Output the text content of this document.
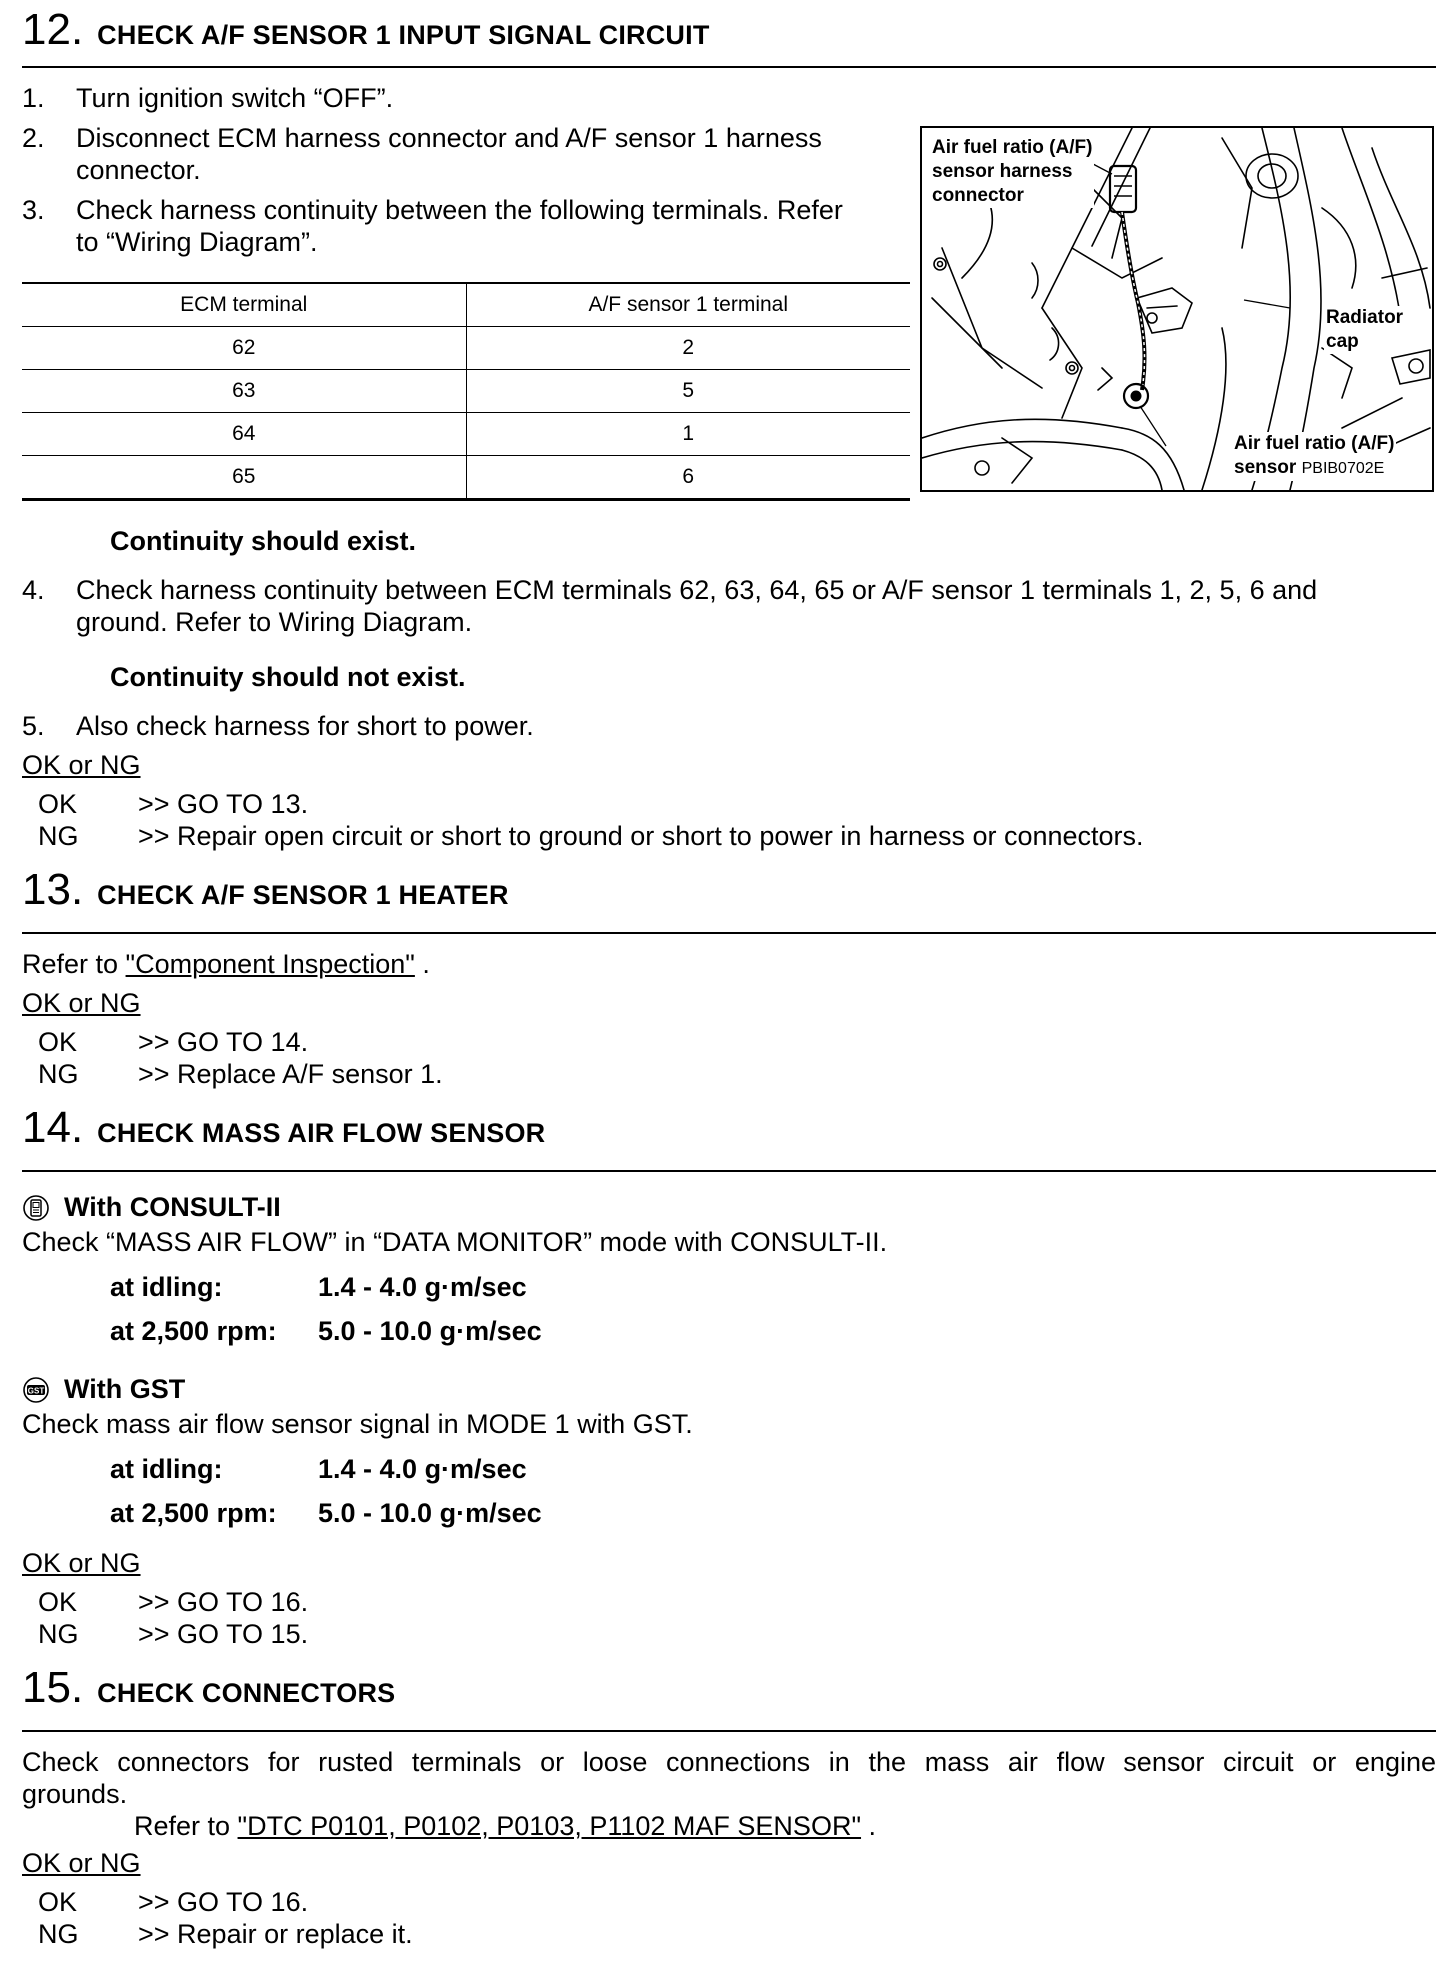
12. CHECK A/F SENSOR 1 INPUT SIGNAL CIRCUIT
1. Turn ignition switch “OFF”.
2. Disconnect ECM harness connector and A/F sensor 1 harness
connector.
3. Check harness continuity between the following terminals. Refer
to “Wiring Diagram”.
ECM terminal	A/F sensor 1 terminal
62	2
63	5
64	1
65	6
Continuity should exist.
4. Check harness continuity between ECM terminals 62, 63, 64, 65 or A/F sensor 1 terminals 1, 2, 5, 6 and
ground. Refer to Wiring Diagram.
Continuity should not exist.
5. Also check harness for short to power.
OK or NG
OK >> GO TO 13.
NG >> Repair open circuit or short to ground or short to power in harness or connectors.
13. CHECK A/F SENSOR 1 HEATER
Refer to "Component Inspection" .
OK or NG
OK >> GO TO 14.
NG >> Replace A/F sensor 1.
14. CHECK MASS AIR FLOW SENSOR
With CONSULT-II
Check “MASS AIR FLOW” in “DATA MONITOR” mode with CONSULT-II.
at idling:	1.4 - 4.0 g·m/sec
at 2,500 rpm: 5.0 - 10.0 g·m/sec
GST With GST
Check mass air flow sensor signal in MODE 1 with GST.
at idling:	1.4 - 4.0 g·m/sec
at 2,500 rpm: 5.0 - 10.0 g·m/sec
OK or NG
OK >> GO TO 16.
NG >> GO TO 15.
15. CHECK CONNECTORS
Check connectors for rusted terminals or loose connections in the mass air flow sensor circuit or engine
grounds.
Refer to "DTC P0101, P0102, P0103, P1102 MAF SENSOR" .
OK or NG
OK >> GO TO 16.
NG >> Repair or replace it.
Air fuel ratio (A/F)
sensor harness
connector
Radiator
cap
Air fuel ratio (A/F)
sensor PBIB0702E
